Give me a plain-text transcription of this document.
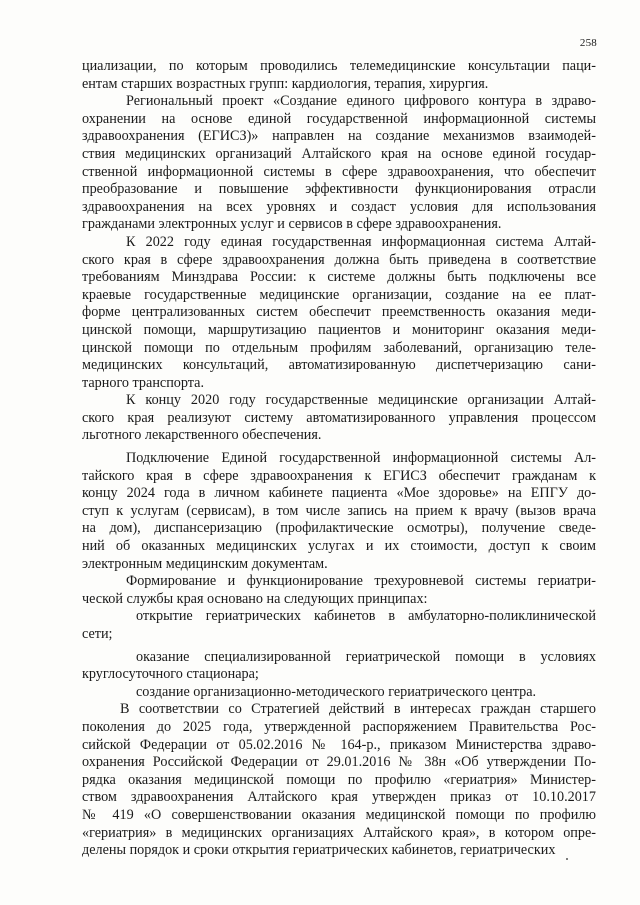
258
циализации, по которым проводились телемедицинские консультации паци-
ентам старших возрастных групп: кардиология, терапия, хирургия.
Региональный проект «Создание единого цифрового контура в здраво-
охранении на основе единой государственной информационной системы
здравоохранения (ЕГИСЗ)» направлен на создание механизмов взаимодей-
ствия медицинских организаций Алтайского края на основе единой государ-
ственной информационной системы в сфере здравоохранения, что обеспечит
преобразование и повышение эффективности функционирования отрасли
здравоохранения на всех уровнях и создаст условия для использования
гражданами электронных услуг и сервисов в сфере здравоохранения.
К 2022 году единая государственная информационная система Алтай-
ского края в сфере здравоохранения должна быть приведена в соответствие
требованиям Минздрава России: к системе должны быть подключены все
краевые государственные медицинские организации, создание на ее плат-
форме централизованных систем обеспечит преемственность оказания меди-
цинской помощи, маршрутизацию пациентов и мониторинг оказания меди-
цинской помощи по отдельным профилям заболеваний, организацию теле-
медицинских консультаций, автоматизированную диспетчеризацию сани-
тарного транспорта.
К концу 2020 году государственные медицинские организации Алтай-
ского края реализуют систему автоматизированного управления процессом
льготного лекарственного обеспечения.
Подключение Единой государственной информационной системы Ал-
тайского края в сфере здравоохранения к ЕГИСЗ обеспечит гражданам к
концу 2024 года в личном кабинете пациента «Мое здоровье» на ЕПГУ до-
ступ к услугам (сервисам), в том числе запись на прием к врачу (вызов врача
на дом), диспансеризацию (профилактические осмотры), получение сведе-
ний об оказанных медицинских услугах и их стоимости, доступ к своим
электронным медицинским документам.
Формирование и функционирование трехуровневой системы гериатри-
ческой службы края основано на следующих принципах:
открытие гериатрических кабинетов в амбулаторно-поликлинической
сети;
оказание специализированной гериатрической помощи в условиях
круглосуточного стационара;
создание организационно-методического гериатрического центра.
В соответствии со Стратегией действий в интересах граждан старшего
поколения до 2025 года, утвержденной распоряжением Правительства Рос-
сийской Федерации от 05.02.2016 № 164-р., приказом Министерства здраво-
охранения Российской Федерации от 29.01.2016 № 38н «Об утверждении По-
рядка оказания медицинской помощи по профилю «гериатрия» Министер-
ством здравоохранения Алтайского края утвержден приказ от 10.10.2017
№ 419 «О совершенствовании оказания медицинской помощи по профилю
«гериатрия» в медицинских организациях Алтайского края», в котором опре-
делены порядок и сроки открытия гериатрических кабинетов, гериатрических
